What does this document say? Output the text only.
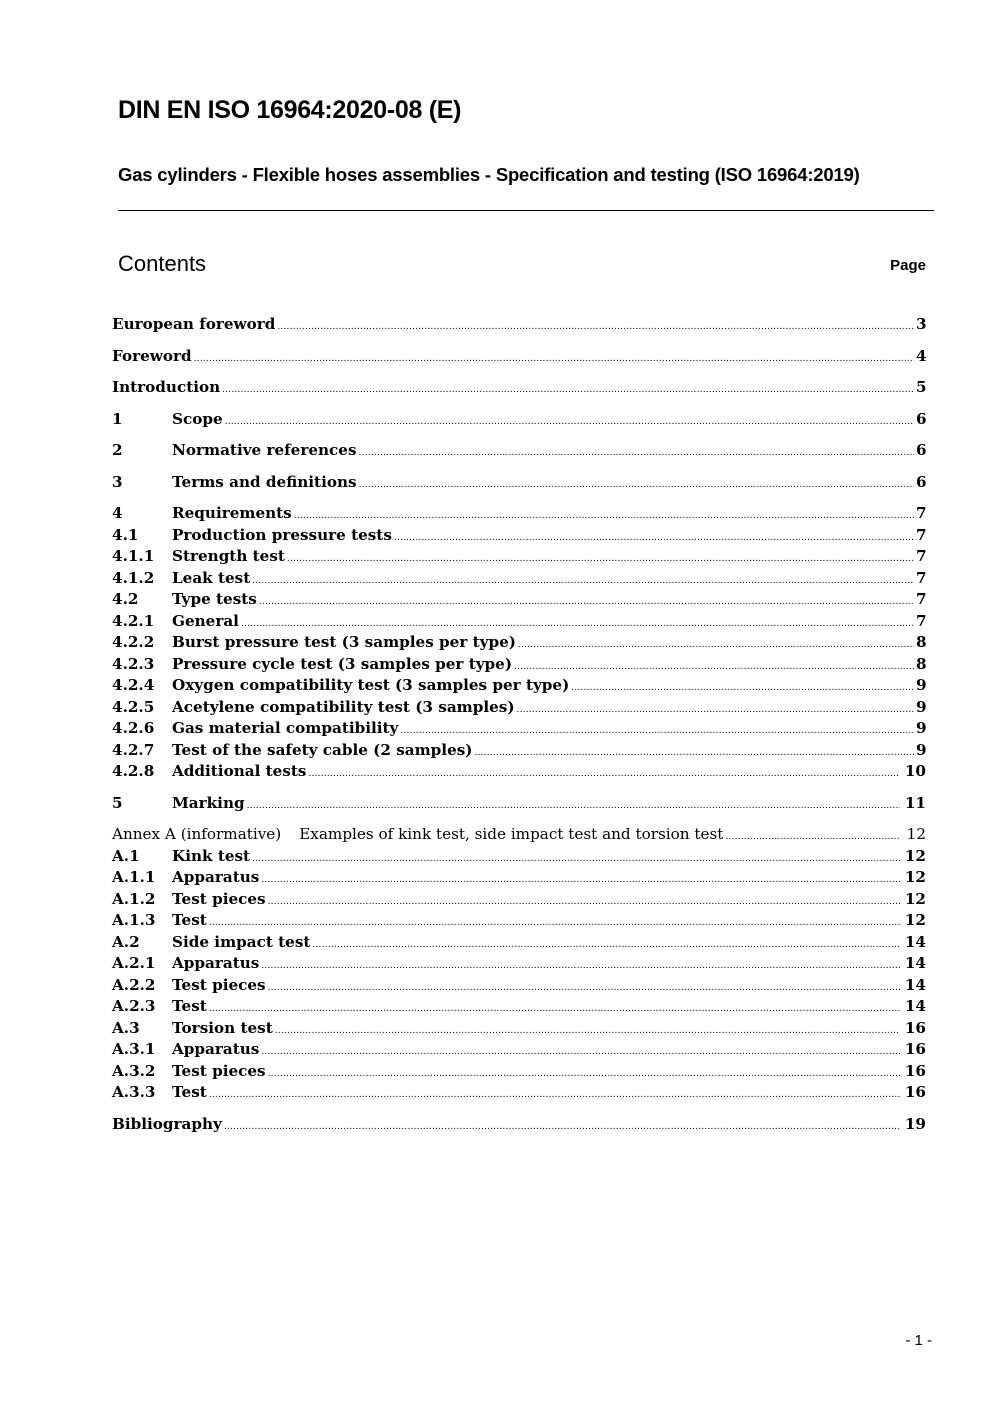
DIN EN ISO 16964:2020-08 (E)
Gas cylinders - Flexible hoses assemblies - Specification and testing (ISO 16964:2019)
Contents	Page
European foreword .....	3
Foreword .....	4
Introduction .....	5
1	Scope .....	6
2	Normative references .....	6
3	Terms and definitions .....	6
4	Requirements .....	7
4.1	Production pressure tests .....	7
4.1.1	Strength test .....	7
4.1.2	Leak test .....	7
4.2	Type tests .....	7
4.2.1	General .....	7
4.2.2	Burst pressure test (3 samples per type) .....	8
4.2.3	Pressure cycle test (3 samples per type) .....	8
4.2.4	Oxygen compatibility test (3 samples per type) .....	9
4.2.5	Acetylene compatibility test (3 samples) .....	9
4.2.6	Gas material compatibility .....	9
4.2.7	Test of the safety cable (2 samples) .....	9
4.2.8	Additional tests .....	10
5	Marking .....	11
Annex A (informative) Examples of kink test, side impact test and torsion test .....	12
A.1	Kink test .....	12
A.1.1	Apparatus .....	12
A.1.2	Test pieces .....	12
A.1.3	Test .....	12
A.2	Side impact test .....	14
A.2.1	Apparatus .....	14
A.2.2	Test pieces .....	14
A.2.3	Test .....	14
A.3	Torsion test .....	16
A.3.1	Apparatus .....	16
A.3.2	Test pieces .....	16
A.3.3	Test .....	16
Bibliography .....	19
- 1 -
